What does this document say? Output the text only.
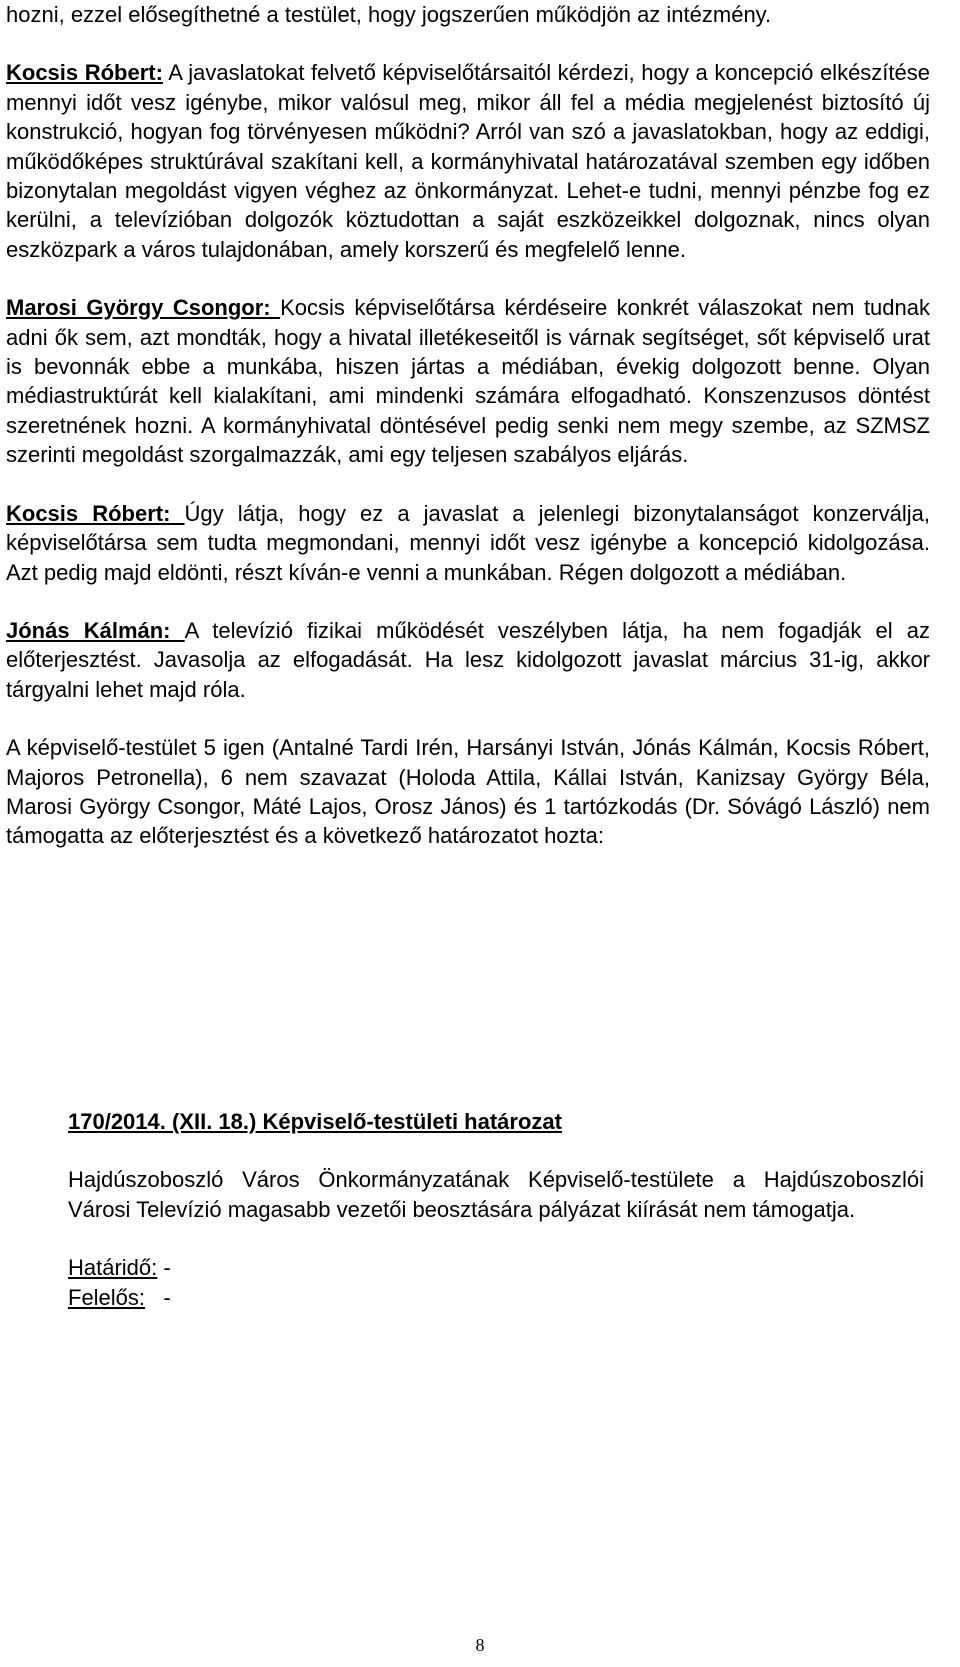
hozni, ezzel elősegíthetné a testület, hogy jogszerűen működjön az intézmény.

Kocsis Róbert: A javaslatokat felvető képviselőtársaitól kérdezi, hogy a koncepció elkészítése mennyi időt vesz igénybe, mikor valósul meg, mikor áll fel a média megjelenést biztosító új konstrukció, hogyan fog törvényesen működni? Arról van szó a javaslatokban, hogy az eddigi, működőképes struktúrával szakítani kell, a kormányhivatal határozatával szemben egy időben bizonytalan megoldást vigyen véghez az önkormányzat. Lehet-e tudni, mennyi pénzbe fog ez kerülni, a televízióban dolgozók köztudottan a saját eszközeikkel dolgoznak, nincs olyan eszközpark a város tulajdonában, amely korszerű és megfelelő lenne.

Marosi György Csongor: Kocsis képviselőtársa kérdéseire konkrét válaszokat nem tudnak adni ők sem, azt mondták, hogy a hivatal illetékeseitől is várnak segítséget, sőt képviselő urat is bevonnák ebbe a munkába, hiszen jártas a médiában, évekig dolgozott benne. Olyan médiastruktúrát kell kialakítani, ami mindenki számára elfogadható. Konszenzusos döntést szeretnének hozni. A kormányhivatal döntésével pedig senki nem megy szembe, az SZMSZ szerinti megoldást szorgalmazzák, ami egy teljesen szabályos eljárás.

Kocsis Róbert: Úgy látja, hogy ez a javaslat a jelenlegi bizonytalanságot konzerválja, képviselőtársa sem tudta megmondani, mennyi időt vesz igénybe a koncepció kidolgozása. Azt pedig majd eldönti, részt kíván-e venni a munkában. Régen dolgozott a médiában.

Jónás Kálmán: A televízió fizikai működését veszélyben látja, ha nem fogadják el az előterjesztést. Javasolja az elfogadását. Ha lesz kidolgozott javaslat március 31-ig, akkor tárgyalni lehet majd róla.

A képviselő-testület 5 igen (Antalné Tardi Irén, Harsányi István, Jónás Kálmán, Kocsis Róbert, Majoros Petronella), 6 nem szavazat (Holoda Attila, Kállai István, Kanizsay György Béla, Marosi György Csongor, Máté Lajos, Orosz János) és 1 tartózkodás (Dr. Sóvágó László) nem támogatta az előterjesztést és a következő határozatot hozta:

170/2014. (XII. 18.) Képviselő-testületi határozat

Hajdúszoboszló Város Önkormányzatának Képviselő-testülete a Hajdúszoboszlói Városi Televízió magasabb vezetői beosztására pályázat kiírását nem támogatja.

Határidő: -

Felelős: -

8
